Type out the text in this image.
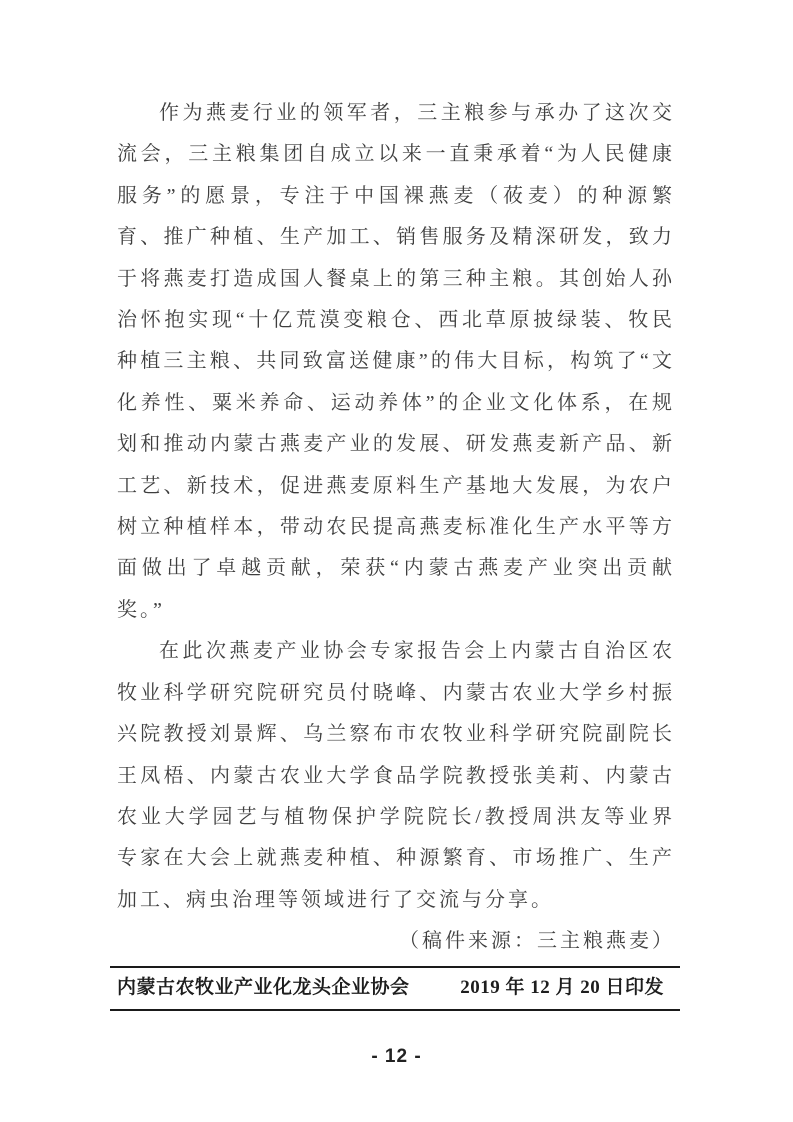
作为燕麦行业的领军者，三主粮参与承办了这次交流会，三主粮集团自成立以来一直秉承着“为人民健康服务”的愿景，专注于中国裸燕麦（莜麦）的种源繁育、推广种植、生产加工、销售服务及精深研发，致力于将燕麦打造成国人餐桌上的第三种主粮。其创始人孙治怀抱实现“十亿荒漠变粮仓、西北草原披绿装、牧民种植三主粮、共同致富送健康”的伟大目标，构筑了“文化养性、粟米养命、运动养体”的企业文化体系，在规划和推动内蒙古燕麦产业的发展、研发燕麦新产品、新工艺、新技术，促进燕麦原料生产基地大发展，为农户树立种植样本，带动农民提高燕麦标准化生产水平等方面做出了卓越贡献，荣获“内蒙古燕麦产业突出贡献奖。”

在此次燕麦产业协会专家报告会上内蒙古自治区农牧业科学研究院研究员付晓峰、内蒙古农业大学乡村振兴院教授刘景辉、乌兰察布市农牧业科学研究院副院长王凤梧、内蒙古农业大学食品学院教授张美莉、内蒙古农业大学园艺与植物保护学院院长/教授周洪友等业界专家在大会上就燕麦种植、种源繁育、市场推广、生产加工、病虫治理等领域进行了交流与分享。

（稿件来源：三主粮燕麦）

内蒙古农牧业产业化龙头企业协会	2019 年 12 月 20 日印发
- 12 -
